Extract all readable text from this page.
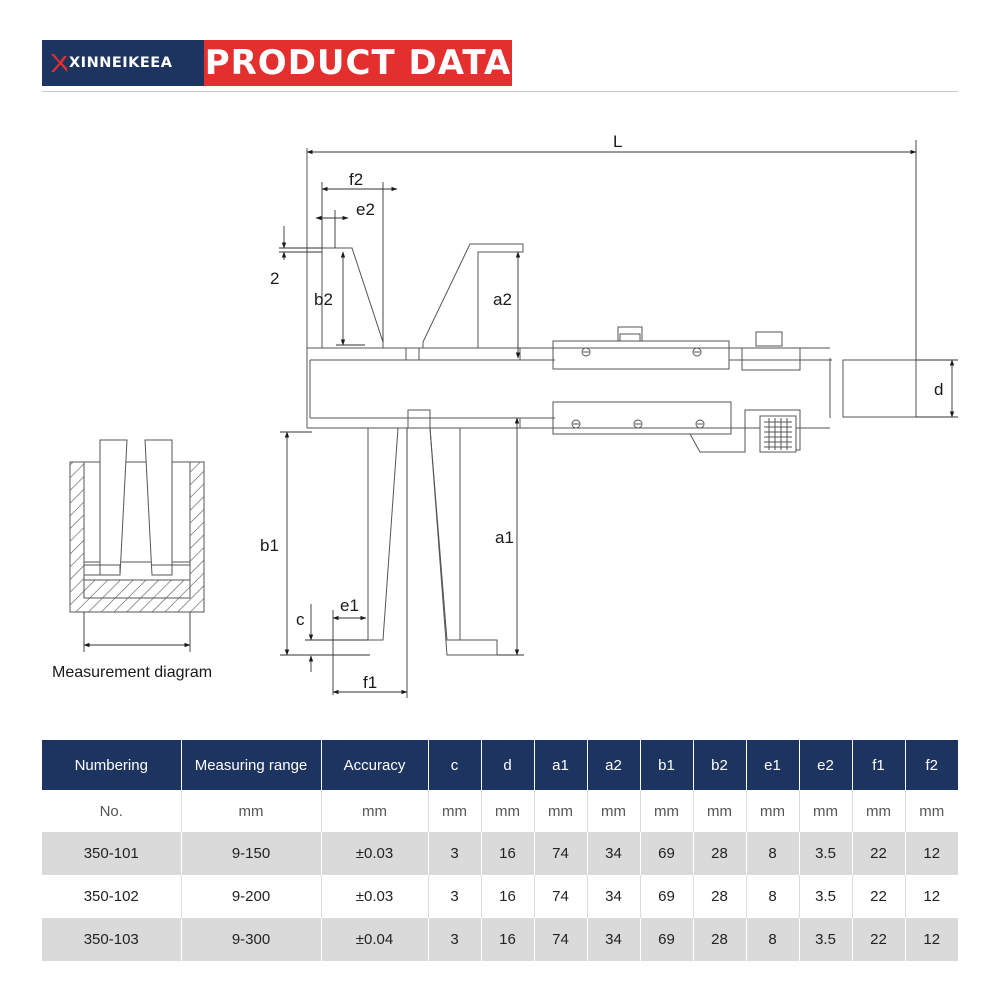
XINNEIKEEA PRODUCT DATA
L
d
f2
e2
2
b2	a2
b1	a1
c
e1
f1
Measurement diagram
Numbering	Measuring range	Accuracy	c	d	a1	a2	b1	b2	e1	e2	f1	f2
No.	mm	mm	mm	mm	mm	mm	mm	mm	mm	mm	mm	mm
350-101	9-150	±0.03	3	16	74	34	69	28	8	3.5	22	12
350-102	9-200	±0.03	3	16	74	34	69	28	8	3.5	22	12
350-103	9-300	±0.04	3	16	74	34	69	28	8	3.5	22	12
